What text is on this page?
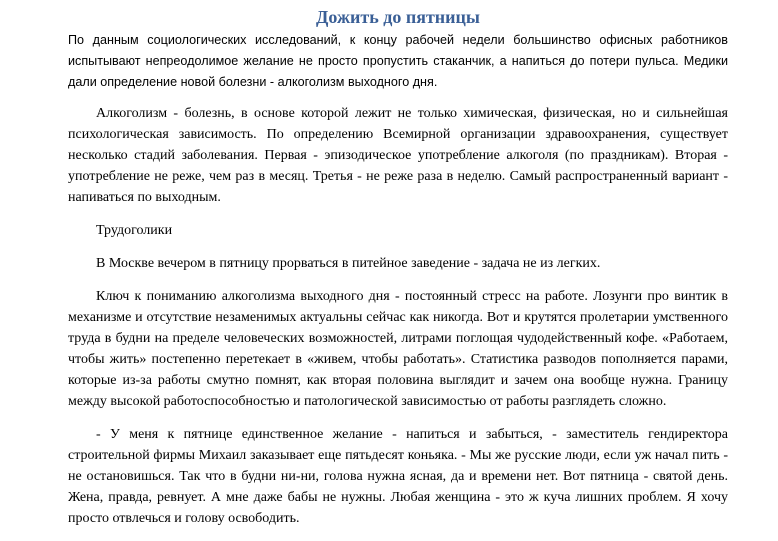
Дожить до пятницы

По данным социологических исследований, к концу рабочей недели большинство офисных работников испытывают непреодолимое желание не просто пропустить стаканчик, а напиться до потери пульса. Медики дали определение новой болезни - алкоголизм выходного дня.

Алкоголизм - болезнь, в основе которой лежит не только химическая, физическая, но и сильнейшая психологическая зависимость. По определению Всемирной организации здравоохранения, существует несколько стадий заболевания. Первая - эпизодическое употребление алкоголя (по праздникам). Вторая - употребление не реже, чем раз в месяц. Третья - не реже раза в неделю. Самый распространенный вариант - напиваться по выходным.

Трудоголики

В Москве вечером в пятницу прорваться в питейное заведение - задача не из легких.

Ключ к пониманию алкоголизма выходного дня - постоянный стресс на работе. Лозунги про винтик в механизме и отсутствие незаменимых актуальны сейчас как никогда. Вот и крутятся пролетарии умственного труда в будни на пределе человеческих возможностей, литрами поглощая чудодейственный кофе. «Работаем, чтобы жить» постепенно перетекает в «живем, чтобы работать». Статистика разводов пополняется парами, которые из-за работы смутно помнят, как вторая половина выглядит и зачем она вообще нужна. Границу между высокой работоспособностью и патологической зависимостью от работы разглядеть сложно.

- У меня к пятнице единственное желание - напиться и забыться, - заместитель гендиректора строительной фирмы Михаил заказывает еще пятьдесят коньяка. - Мы же русские люди, если уж начал пить - не остановишься. Так что в будни ни-ни, голова нужна ясная, да и времени нет. Вот пятница - святой день. Жена, правда, ревнует. А мне даже бабы не нужны. Любая женщина - это ж куча лишних проблем. Я хочу просто отвлечься и голову освободить.
